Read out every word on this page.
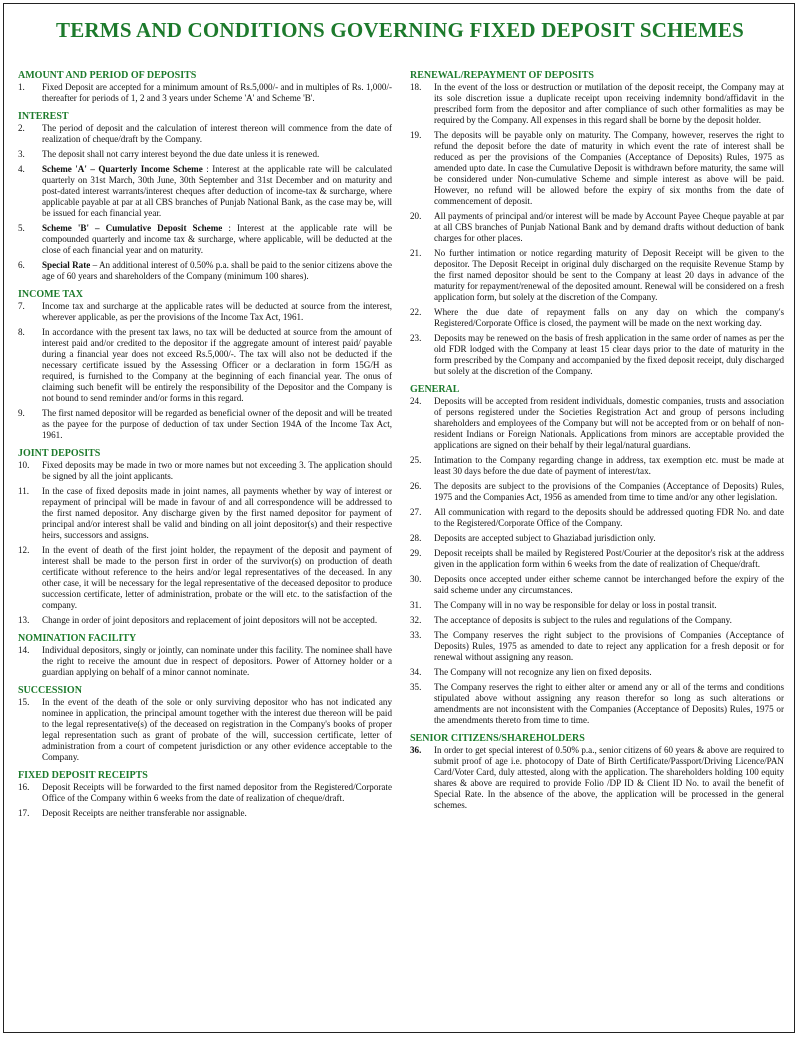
TERMS AND CONDITIONS GOVERNING FIXED DEPOSIT SCHEMES
AMOUNT AND PERIOD OF DEPOSITS
1.	Fixed Deposit are accepted for a minimum amount of Rs.5,000/- and in multiples of Rs. 1,000/- thereafter for periods of 1, 2 and 3 years under Scheme 'A' and Scheme 'B'.
INTEREST
2.	The period of deposit and the calculation of interest thereon will commence from the date of realization of cheque/draft by the Company.
3.	The deposit shall not carry interest beyond the due date unless it is renewed.
4.	Scheme 'A' – Quarterly Income Scheme : Interest at the applicable rate will be calculated quarterly on 31st March, 30th June, 30th September and 31st December and on maturity and post-dated interest warrants/interest cheques after deduction of income-tax & surcharge, where applicable payable at par at all CBS branches of Punjab National Bank, as the case may be, will be issued for each financial year.
5.	Scheme 'B' – Cumulative Deposit Scheme : Interest at the applicable rate will be compounded quarterly and income tax & surcharge, where applicable, will be deducted at the close of each financial year and on maturity.
6.	Special Rate – An additional interest of 0.50% p.a. shall be paid to the senior citizens above the age of 60 years and shareholders of the Company (minimum 100 shares).
INCOME TAX
7.	Income tax and surcharge at the applicable rates will be deducted at source from the interest, wherever applicable, as per the provisions of the Income Tax Act, 1961.
8.	In accordance with the present tax laws, no tax will be deducted at source from the amount of interest paid and/or credited to the depositor if the aggregate amount of interest paid/ payable during a financial year does not exceed Rs.5,000/-. The tax will also not be deducted if the necessary certificate issued by the Assessing Officer or a declaration in form 15G/H as required, is furnished to the Company at the beginning of each financial year. The onus of claiming such benefit will be entirely the responsibility of the Depositor and the Company is not bound to send reminder and/or forms in this regard.
9.	The first named depositor will be regarded as beneficial owner of the deposit and will be treated as the payee for the purpose of deduction of tax under Section 194A of the Income Tax Act, 1961.
JOINT DEPOSITS
10.	Fixed deposits may be made in two or more names but not exceeding 3. The application should be signed by all the joint applicants.
11.	In the case of fixed deposits made in joint names, all payments whether by way of interest or repayment of principal will be made in favour of and all correspondence will be addressed to the first named depositor. Any discharge given by the first named depositor for payment of principal and/or interest shall be valid and binding on all joint depositor(s) and their respective heirs, successors and assigns.
12.	In the event of death of the first joint holder, the repayment of the deposit and payment of interest shall be made to the person first in order of the survivor(s) on production of death certificate without reference to the heirs and/or legal representatives of the deceased. In any other case, it will be necessary for the legal representative of the deceased depositor to produce succession certificate, letter of administration, probate or the will etc. to the satisfaction of the company.
13.	Change in order of joint depositors and replacement of joint depositors will not be accepted.
NOMINATION FACILITY
14.	Individual depositors, singly or jointly, can nominate under this facility. The nominee shall have the right to receive the amount due in respect of depositors. Power of Attorney holder or a guardian applying on behalf of a minor cannot nominate.
SUCCESSION
15.	In the event of the death of the sole or only surviving depositor who has not indicated any nominee in application, the principal amount together with the interest due thereon will be paid to the legal representative(s) of the deceased on registration in the Company's books of proper legal representation such as grant of probate of the will, succession certificate, letter of administration from a court of competent jurisdiction or any other evidence acceptable to the Company.
FIXED DEPOSIT RECEIPTS
16.	Deposit Receipts will be forwarded to the first named depositor from the Registered/Corporate Office of the Company within 6 weeks from the date of realization of cheque/draft.
17.	Deposit Receipts are neither transferable nor assignable.
RENEWAL/REPAYMENT OF DEPOSITS
18.	In the event of the loss or destruction or mutilation of the deposit receipt, the Company may at its sole discretion issue a duplicate receipt upon receiving indemnity bond/affidavit in the prescribed form from the depositor and after compliance of such other formalities as may be required by the Company. All expenses in this regard shall be borne by the deposit holder.
19.	The deposits will be payable only on maturity. The Company, however, reserves the right to refund the deposit before the date of maturity in which event the rate of interest shall be reduced as per the provisions of the Companies (Acceptance of Deposits) Rules, 1975 as amended upto date. In case the Cumulative Deposit is withdrawn before maturity, the same will be considered under Non-cumulative Scheme and simple interest as above will be paid. However, no refund will be allowed before the expiry of six months from the date of commencement of deposit.
20.	All payments of principal and/or interest will be made by Account Payee Cheque payable at par at all CBS branches of Punjab National Bank and by demand drafts without deduction of bank charges for other places.
21.	No further intimation or notice regarding maturity of Deposit Receipt will be given to the depositor. The Deposit Receipt in original duly discharged on the requisite Revenue Stamp by the first named depositor should be sent to the Company at least 20 days in advance of the maturity for repayment/renewal of the deposited amount. Renewal will be considered on a fresh application form, but solely at the discretion of the Company.
22.	Where the due date of repayment falls on any day on which the company's Registered/Corporate Office is closed, the payment will be made on the next working day.
23.	Deposits may be renewed on the basis of fresh application in the same order of names as per the old FDR lodged with the Company at least 15 clear days prior to the date of maturity in the form prescribed by the Company and accompanied by the fixed deposit receipt, duly discharged but solely at the discretion of the Company.
GENERAL
24.	Deposits will be accepted from resident individuals, domestic companies, trusts and association of persons registered under the Societies Registration Act and group of persons including shareholders and employees of the Company but will not be accepted from or on behalf of non-resident Indians or Foreign Nationals. Applications from minors are acceptable provided the applications are signed on their behalf by their legal/natural guardians.
25.	Intimation to the Company regarding change in address, tax exemption etc. must be made at least 30 days before the due date of payment of interest/tax.
26.	The deposits are subject to the provisions of the Companies (Acceptance of Deposits) Rules, 1975 and the Companies Act, 1956 as amended from time to time and/or any other legislation.
27.	All communication with regard to the deposits should be addressed quoting FDR No. and date to the Registered/Corporate Office of the Company.
28.	Deposits are accepted subject to Ghaziabad jurisdiction only.
29.	Deposit receipts shall be mailed by Registered Post/Courier at the depositor's risk at the address given in the application form within 6 weeks from the date of realization of Cheque/draft.
30.	Deposits once accepted under either scheme cannot be interchanged before the expiry of the said scheme under any circumstances.
31.	The Company will in no way be responsible for delay or loss in postal transit.
32.	The acceptance of deposits is subject to the rules and regulations of the Company.
33.	The Company reserves the right subject to the provisions of Companies (Acceptance of Deposits) Rules, 1975 as amended to date to reject any application for a fresh deposit or for renewal without assigning any reason.
34.	The Company will not recognize any lien on fixed deposits.
35.	The Company reserves the right to either alter or amend any or all of the terms and conditions stipulated above without assigning any reason therefor so long as such alterations or amendments are not inconsistent with the Companies (Acceptance of Deposits) Rules, 1975 or the amendments thereto from time to time.
SENIOR CITIZENS/SHAREHOLDERS
36.	In order to get special interest of 0.50% p.a., senior citizens of 60 years & above are required to submit proof of age i.e. photocopy of Date of Birth Certificate/Passport/Driving Licence/PAN Card/Voter Card, duly attested, along with the application. The shareholders holding 100 equity shares & above are required to provide Folio /DP ID & Client ID No. to avail the benefit of Special Rate. In the absence of the above, the application will be processed in the general schemes.
